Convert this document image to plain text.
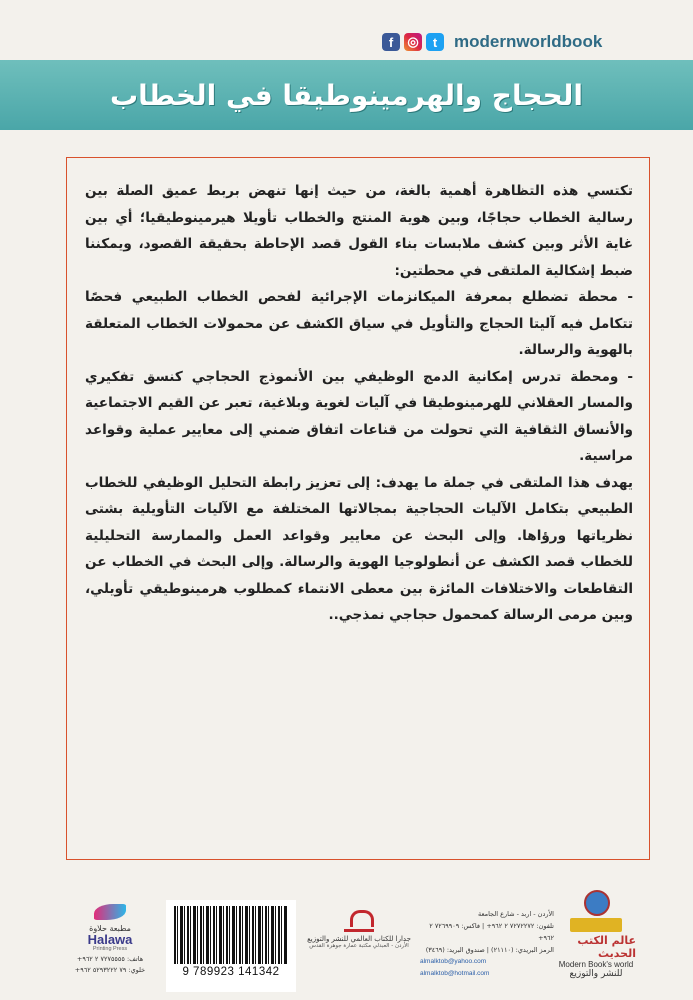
f	◎	t modernworldbook
الحجاج والهرمينوطيقا في الخطاب

تكتسي هذه التظاهرة أهمية بالغة، من حيث إنها تنهض بربط عميق الصلة بين رسالية الخطاب حجاجًا، وبين هوية المنتج والخطاب تأويلا هيرمينوطيقيا؛ أي بين غاية الأثر وبين كشف ملابسات بناء القول قصد الإحاطة بحقيقة القصود، ويمكننا ضبط إشكالية الملتقى في محطتين:

- محطة تضطلع بمعرفة الميكانزمات الإجرائية لفحص الخطاب الطبيعي فحصًا تتكامل فيه آليتا الحجاج والتأويل في سياق الكشف عن محمولات الخطاب المتعلقة بالهوية والرسالة.

- ومحطة تدرس إمكانية الدمج الوظيفي بين الأنموذج الحجاجي كنسق تفكيري والمسار العقلاني للهرمينوطيقا في آليات لغوية وبلاغية، تعبر عن القيم الاجتماعية والأنساق الثقافية التي تحولت من قناعات اتفاق ضمني إلى معايير عملية وقواعد مراسية.

يهدف هذا الملتقى في جملة ما يهدف: إلى تعزيز رابطة التحليل الوظيفي للخطاب الطبيعي بتكامل الآليات الحجاجية بمجالاتها المختلفة مع الآليات التأويلية بشتى نظرياتها ورؤاها. وإلى البحث عن معايير وقواعد العمل والممارسة التحليلية للخطاب قصد الكشف عن أنطولوجيا الهوية والرسالة. وإلى البحث في الخطاب عن التقاطعات والاختلافات المائزة بين معطى الانتماء كمطلوب هرمينوطيقي تأويلي، وبين مرمى الرسالة كمحمول حجاجي نمذجي..

عالم الكتب الحديث
Modern Book's world
للنشر والتوزيع
الأردن - اربد - شارع الجامعة
تلفون: ٧٢٧٢٢٧٢ ٢ ٩٦٢+ | فاكس: ٧٢٦٩٩٠٩ ٢ ٩٦٢+
الرمز البريدي: (٢١١١٠) | صندوق البريد: (٣٤٦٩)
almalktob@yahoo.com
almalktob@hotmail.com
جدارا للكتاب العالمي للنشر والتوزيع
الأردن - العبدلي مكتبة عمارة جوهرة القدس
9 789923 141342
مطبعة حلاوة
Halawa
Printing Press
هاتف: ٧٢٧٥٥٥٥ ٢ ٩٦٢+
خلوي: ٧٩ ٥٢٩٣٢٢٢ ٩٦٢+
